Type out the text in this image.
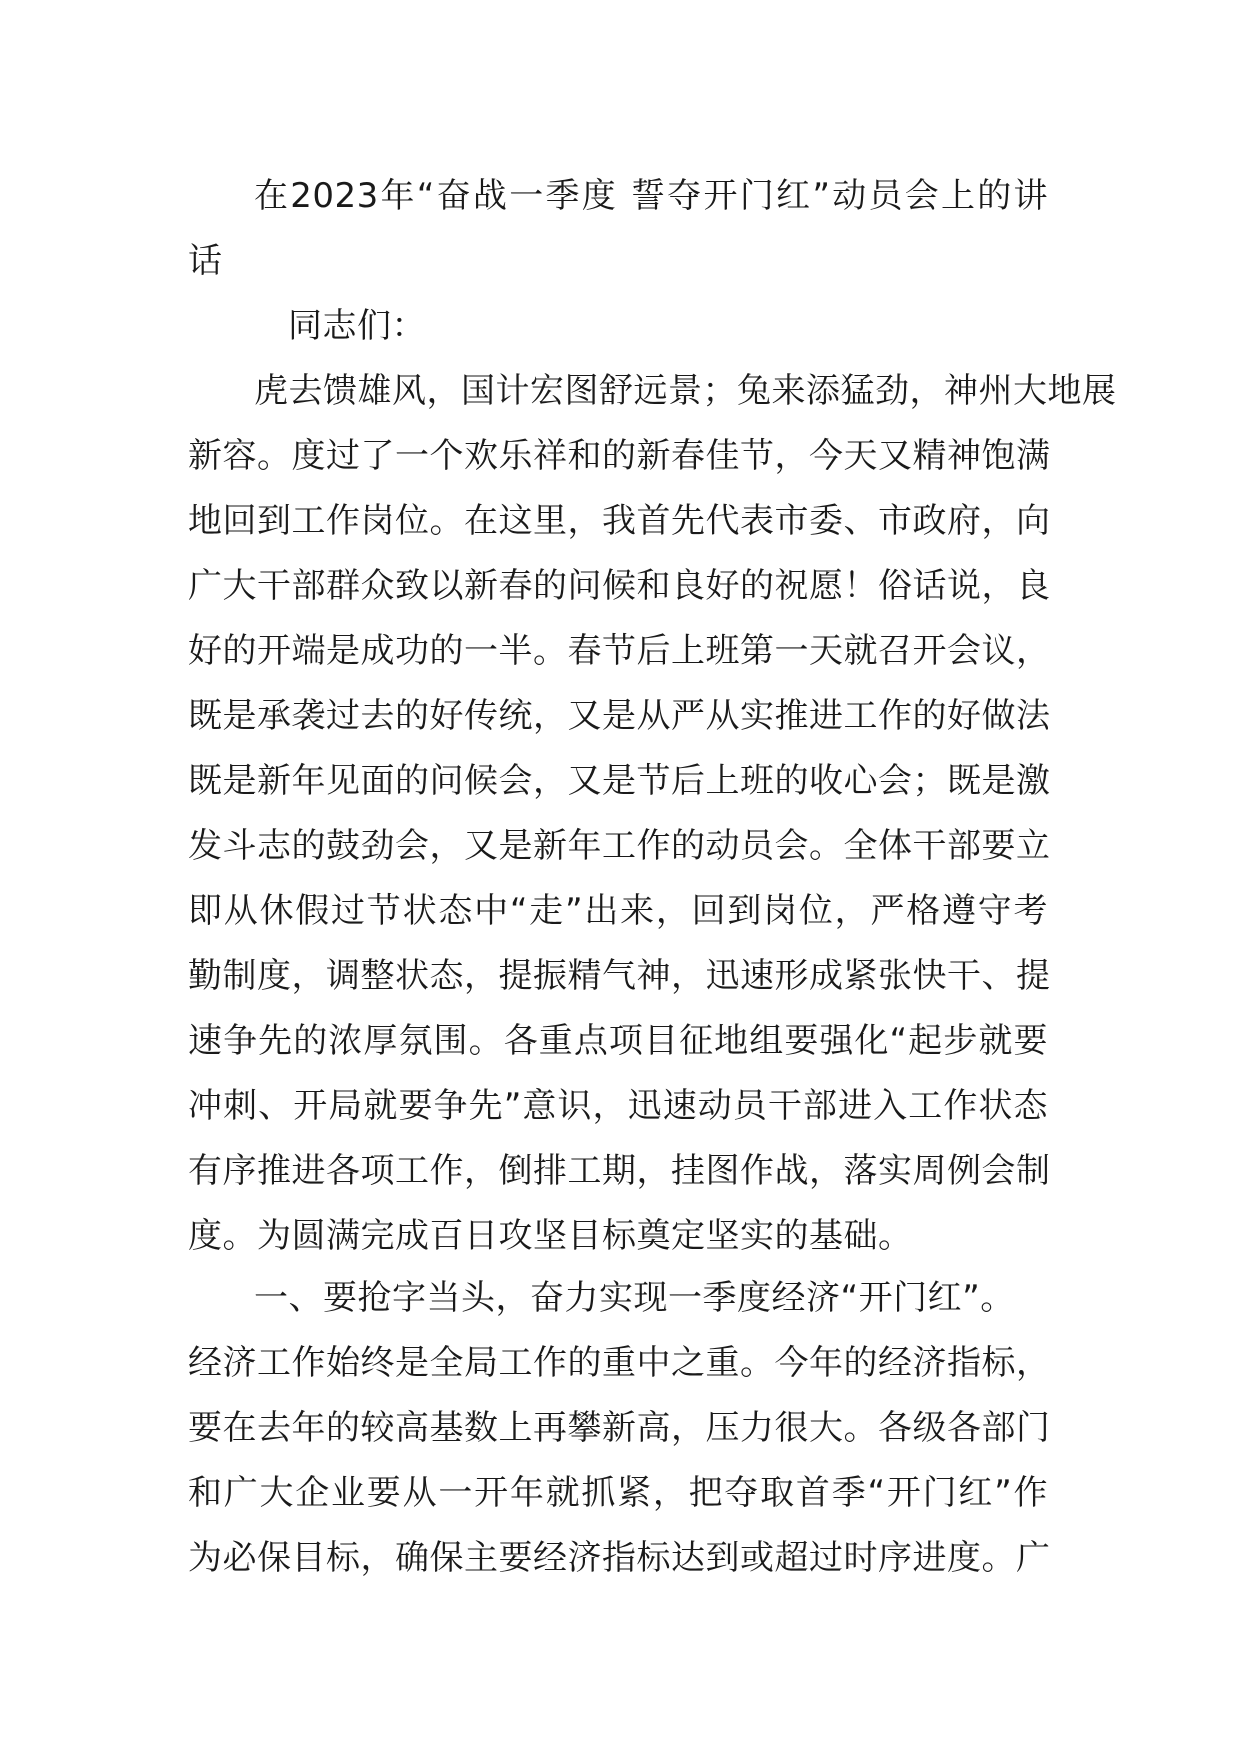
在2023年“奋战一季度 誓夺开门红”动员会上的讲
话
同志们：
虎去馈雄风，国计宏图舒远景；兔来添猛劲，神州大地展
新容。度过了一个欢乐祥和的新春佳节，今天又精神饱满
地回到工作岗位。在这里，我首先代表市委、市政府，向
广大干部群众致以新春的问候和良好的祝愿！俗话说，良
好的开端是成功的一半。春节后上班第一天就召开会议，
既是承袭过去的好传统，又是从严从实推进工作的好做法
既是新年见面的问候会，又是节后上班的收心会；既是激
发斗志的鼓劲会，又是新年工作的动员会。全体干部要立
即从休假过节状态中“走”出来，回到岗位，严格遵守考
勤制度，调整状态，提振精气神，迅速形成紧张快干、提
速争先的浓厚氛围。各重点项目征地组要强化“起步就要
冲刺、开局就要争先”意识，迅速动员干部进入工作状态
有序推进各项工作，倒排工期，挂图作战，落实周例会制
度。为圆满完成百日攻坚目标奠定坚实的基础。
一、要抢字当头，奋力实现一季度经济“开门红”。
经济工作始终是全局工作的重中之重。今年的经济指标，
要在去年的较高基数上再攀新高，压力很大。各级各部门
和广大企业要从一开年就抓紧，把夺取首季“开门红”作
为必保目标，确保主要经济指标达到或超过时序进度。广
